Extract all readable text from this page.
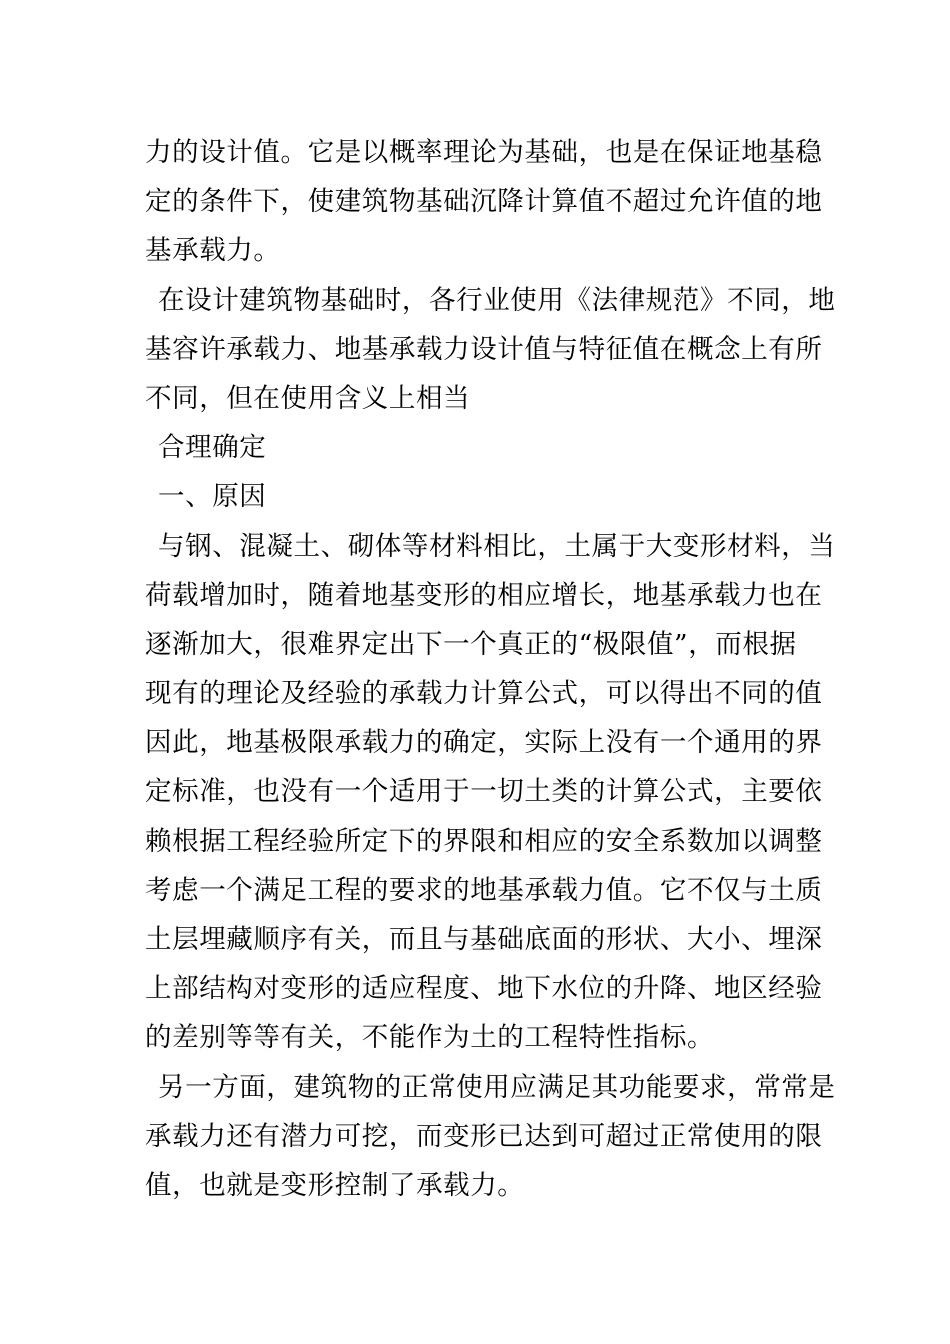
力的设计值。它是以概率理论为基础，也是在保证地基稳
定的条件下，使建筑物基础沉降计算值不超过允许值的地
基承载力。
在设计建筑物基础时，各行业使用《法律规范》不同，地
基容许承载力、地基承载力设计值与特征值在概念上有所
不同，但在使用含义上相当
合理确定
一、原因
与钢、混凝土、砌体等材料相比，土属于大变形材料，当
荷载增加时，随着地基变形的相应增长，地基承载力也在
逐渐加大，很难界定出下一个真正的“极限值”，而根据
现有的理论及经验的承载力计算公式，可以得出不同的值
因此，地基极限承载力的确定，实际上没有一个通用的界
定标准，也没有一个适用于一切土类的计算公式，主要依
赖根据工程经验所定下的界限和相应的安全系数加以调整
考虑一个满足工程的要求的地基承载力值。它不仅与土质
土层埋藏顺序有关，而且与基础底面的形状、大小、埋深
上部结构对变形的适应程度、地下水位的升降、地区经验
的差别等等有关，不能作为土的工程特性指标。
另一方面，建筑物的正常使用应满足其功能要求，常常是
承载力还有潜力可挖，而变形已达到可超过正常使用的限
值，也就是变形控制了承载力。
